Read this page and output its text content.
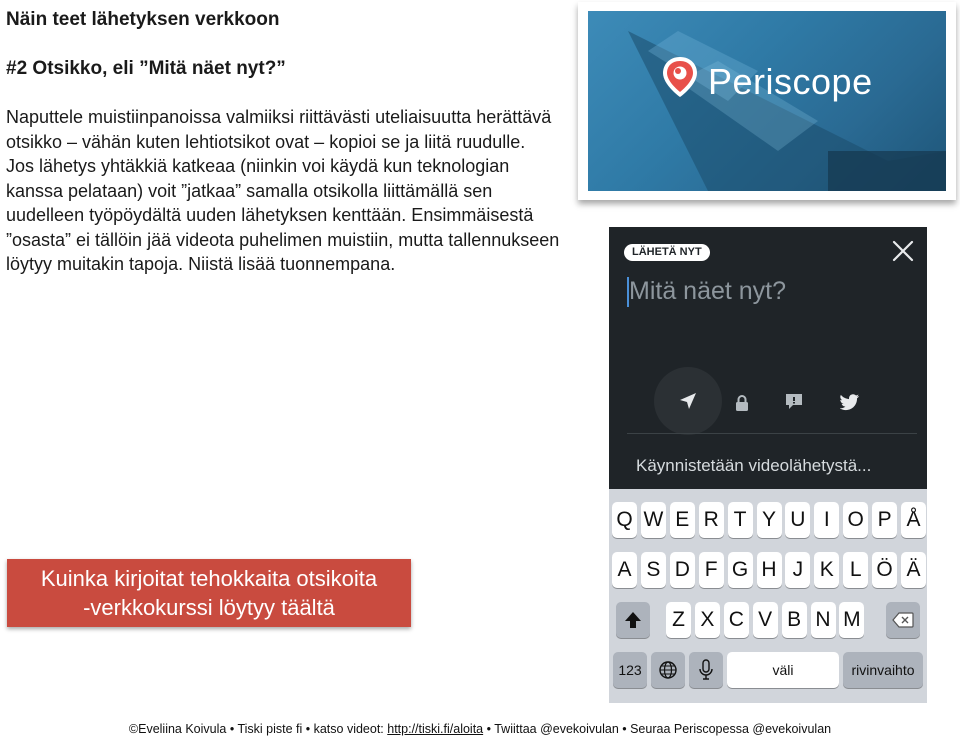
Näin teet lähetyksen verkkoon
#2 Otsikko, eli ”Mitä näet nyt?”
Naputtele muistiinpanoissa valmiiksi riittävästi uteliaisuutta herättävä otsikko – vähän kuten lehtiotsikot ovat – kopioi se ja liitä ruudulle.
Jos lähetys yhtäkkiä katkeaa (niinkin voi käydä kun teknologian kanssa pelataan) voit ”jatkaa” samalla otsikolla liittämällä sen uudelleen työpöydältä uuden lähetyksen kenttään. Ensimmäisestä ”osasta” ei tällöin jää videota puhelimen muistiin, mutta tallennukseen löytyy muitakin tapoja. Niistä lisää tuonnempana.
Kuinka kirjoitat tehokkaita otsikoita
-verkkokurssi löytyy täältä
Periscope
LÄHETÄ NYT
Mitä näet nyt?
Käynnistetään videolähetystä...
Q W E R T Y U I O P Å
A S D F G H J K L Ö Ä
Z X C V B N M
123	väli	rivinvaihto
©Eveliina Koivula • Tiski piste fi • katso videot: http://tiski.fi/aloita • Twiittaa @evekoivulan • Seuraa Periscopessa @evekoivulan
